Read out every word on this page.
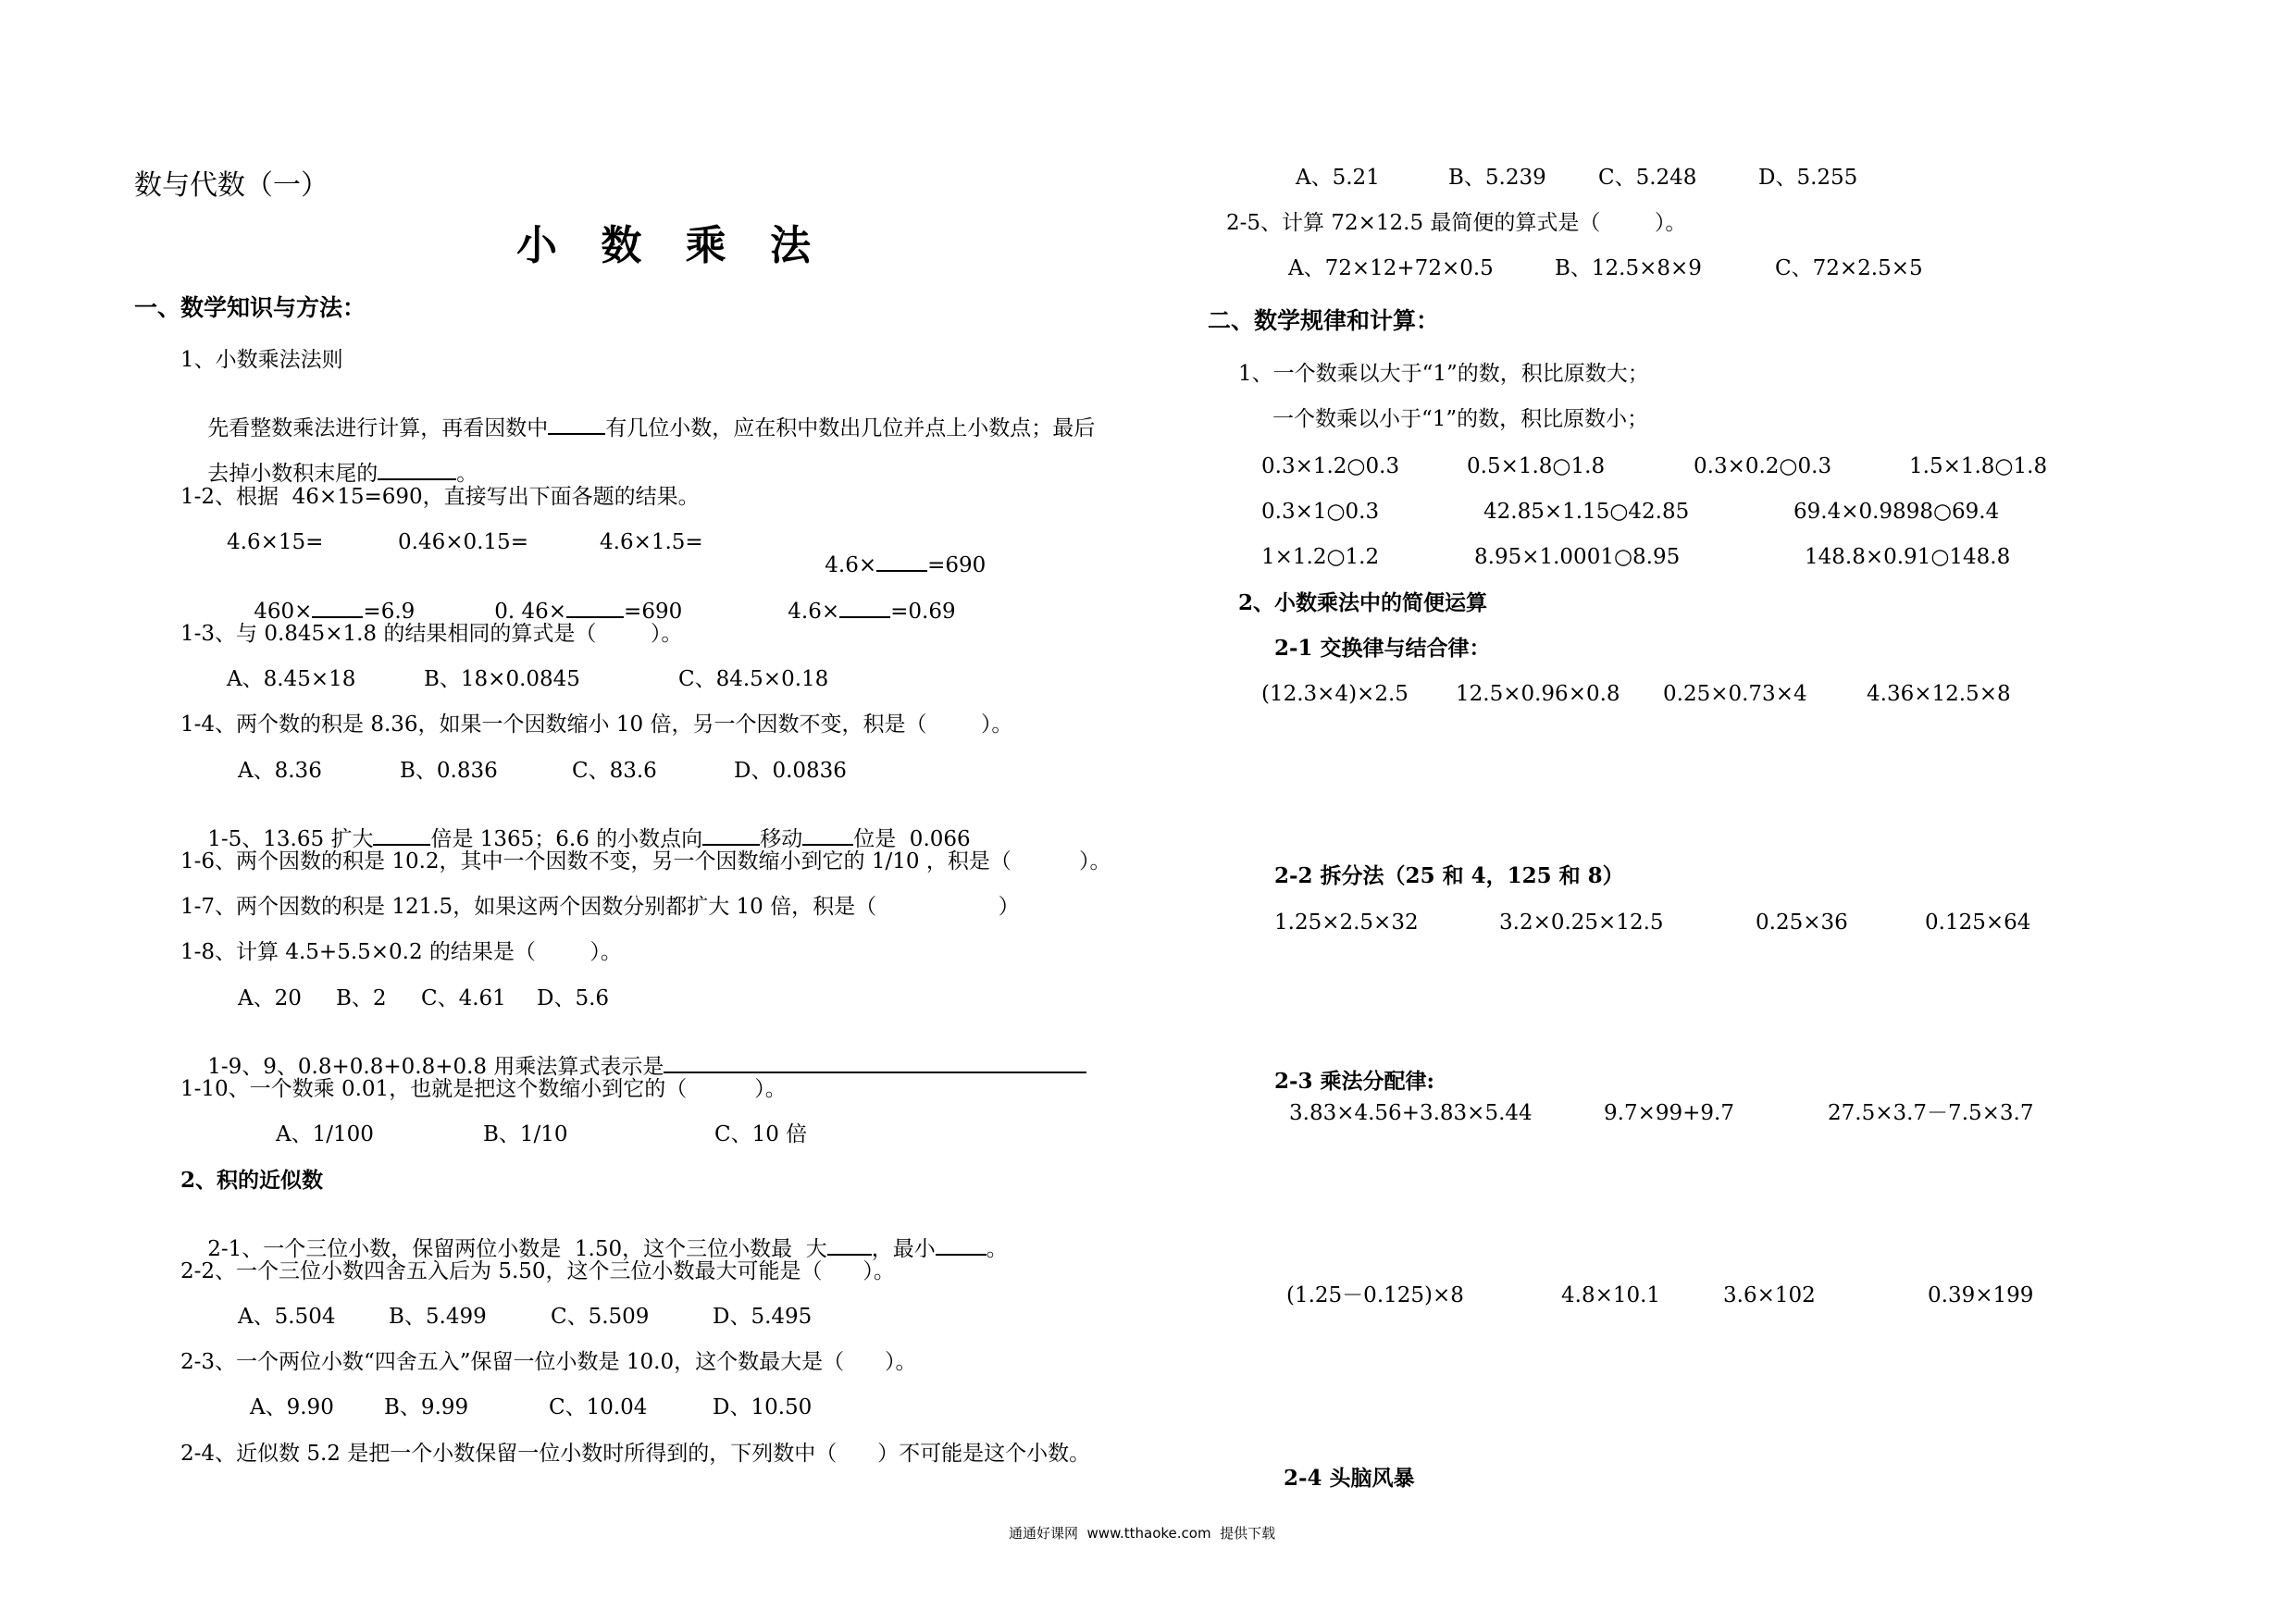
数与代数（一）
小 数 乘 法
一、数学知识与方法：
1、小数乘法法则

先看整数乘法进行计算，再看因数中	有几位小数，应在积中数出几位并点上小数点；最后

去掉小数积末尾的	。

1-2、根据  46×15=690，直接写出下面各题的结果。
4.6×15=	0.46×0.15=	4.6×1.5=

4.6× =690

460× =6.9
	0. 46×	=690
	4.6× =0.69

1-3、与 0.845×1.8 的结果相同的算式是（        ）。
A、8.45×18	B、18×0.0845	C、84.5×0.18
1-4、两个数的积是 8.36，如果一个因数缩小 10 倍，另一个因数不变，积是（        ）。
A、8.36	B、0.836	C、83.6	D、0.0836

1-5、13.65 扩大	倍是 1365；6.6 的小数点向	移动 位是  0.066

1-6、两个因数的积是 10.2，其中一个因数不变，另一个因数缩小到它的 1/10 ，积是（          ）。
1-7、两个因数的积是 121.5，如果这两个因数分别都扩大 10 倍，积是（                  ）
1-8、计算 4.5+5.5×0.2 的结果是（        ）。
A、20 B、2 C、4.61 D、5.6

1-9、9、0.8+0.8+0.8+0.8 用乘法算式表示是

1-10、一个数乘 0.01，也就是把这个数缩小到它的（          ）。
A、1/100	B、1/10	C、10 倍
2、积的近似数

2-1、一个三位小数，保留两位小数是  1.50，这个三位小数最  大 ，最小 。

2-2、一个三位小数四舍五入后为 5.50，这个三位小数最大可能是（      ）。
A、5.504	B、5.499	C、5.509	D、5.495
2-3、一个两位小数“四舍五入”保留一位小数是 10.0，这个数最大是（      ）。
A、9.90 B、9.99	C、10.04	D、10.50
2-4、近似数 5.2 是把一个小数保留一位小数时所得到的，下列数中（      ）不可能是这个小数。
A、5.21	B、5.239 C、5.248	D、5.255
2-5、计算 72×12.5 最简便的算式是（        ）。
A、72×12+72×0.5	B、12.5×8×9	C、72×2.5×5
二、数学规律和计算：
1、一个数乘以大于“1”的数，积比原数大；
一个数乘以小于“1”的数，积比原数小；
0.3×1.2○0.3	0.5×1.8○1.8	0.3×0.2○0.3	1.5×1.8○1.8
0.3×1○0.3	42.85×1.15○42.85	69.4×0.9898○69.4
1×1.2○1.2	8.95×1.0001○8.95	148.8×0.91○148.8
2、小数乘法中的简便运算
2-1 交换律与结合律：
(12.3×4)×2.5 12.5×0.96×0.8 0.25×0.73×4	4.36×12.5×8
2-2 拆分法（25 和 4，125 和 8）
1.25×2.5×32	3.2×0.25×12.5	0.25×36	0.125×64
2-3 乘法分配律:
3.83×4.56+3.83×5.44	9.7×99+9.7	27.5×3.7－7.5×3.7
(1.25－0.125)×8	4.8×10.1	3.6×102	0.39×199
2-4 头脑风暴
通通好课网  www.tthaoke.com  提供下载
